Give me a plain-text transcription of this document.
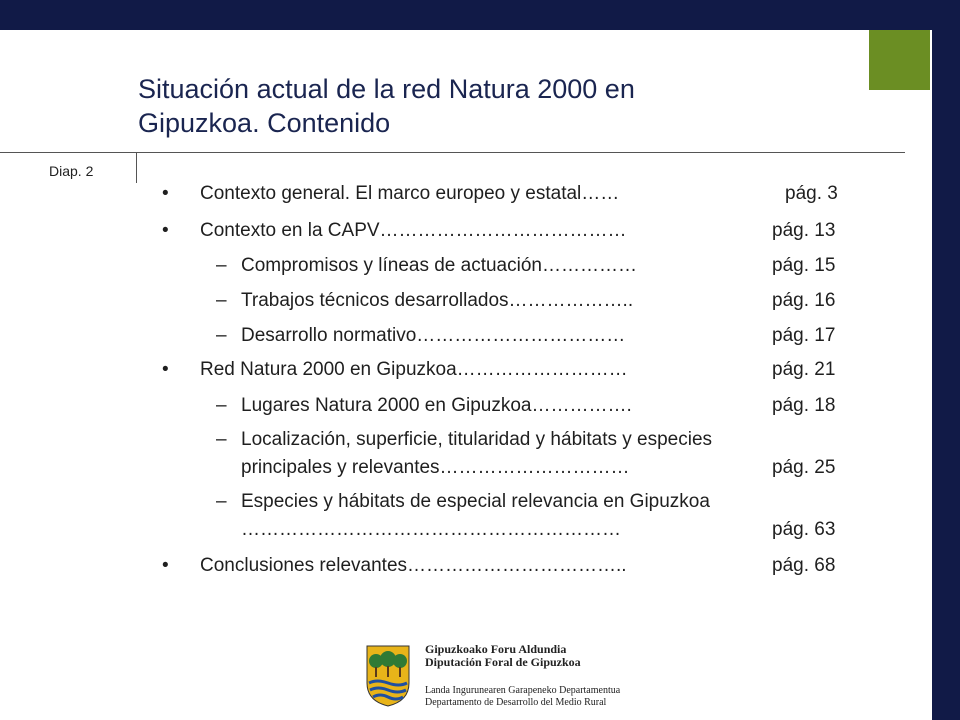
Situación actual de la red Natura 2000 en
Gipuzkoa. Contenido
Diap. 2
• Contexto general. El marco europeo y estatal……	pág. 3
• Contexto en la CAPV…………………………………	pág. 13
– Compromisos y líneas de actuación……………	pág. 15
– Trabajos técnicos desarrollados………………..	pág. 16
– Desarrollo normativo……………………………	pág. 17
• Red Natura 2000 en Gipuzkoa………………………	pág. 21
– Lugares Natura 2000 en Gipuzkoa…………….	pág. 18
– Localización, superficie, titularidad y hábitats y especies
principales y relevantes…………………………	pág. 25
– Especies y hábitats de especial relevancia en Gipuzkoa
……………………………………………………	pág. 63
• Conclusiones relevantes……………………………..	pág. 68
Gipuzkoako Foru Aldundia
Diputación Foral de Gipuzkoa
Landa Ingurunearen Garapeneko Departamentua
Departamento de Desarrollo del Medio Rural
